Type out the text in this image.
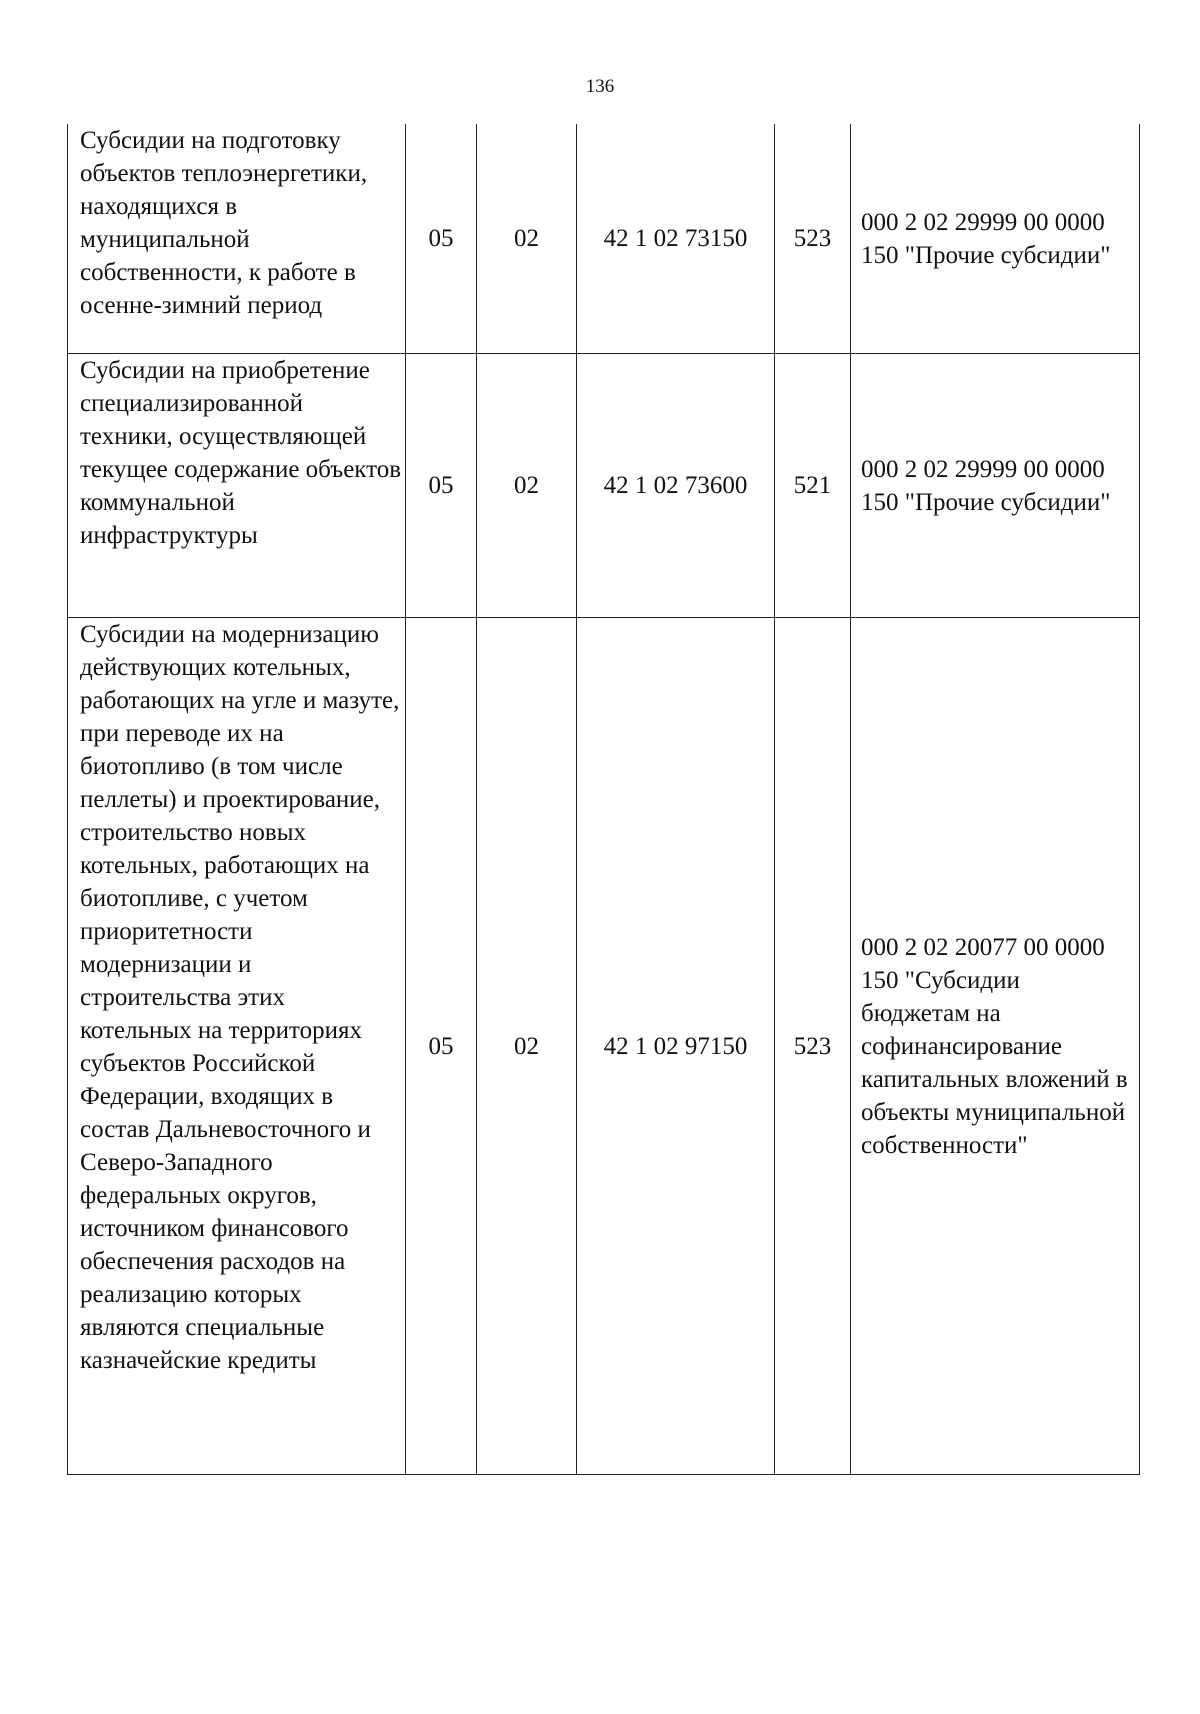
136
Субсидии на подготовку объектов теплоэнергетики, находящихся в муниципальной собственности, к работе в осенне-зимний период	05	02	42 1 02 73150	523	000 2 02 29999 00 0000 150 "Прочие субсидии"
Субсидии на приобретение специализированной техники, осуществляющей текущее содержание объектов коммунальной инфраструктуры	05	02	42 1 02 73600	521	000 2 02 29999 00 0000 150 "Прочие субсидии"
Субсидии на модернизацию действующих котельных, работающих на угле и мазуте, при переводе их на биотопливо (в том числе пеллеты) и проектирование, строительство новых котельных, работающих на биотопливе, с учетом приоритетности модернизации и строительства этих котельных на территориях субъектов Российской Федерации, входящих в состав Дальневосточного и Северо-Западного федеральных округов, источником финансового обеспечения расходов на реализацию которых являются специальные казначейские кредиты	05	02	42 1 02 97150	523	000 2 02 20077 00 0000 150 "Субсидии бюджетам на софинансирование капитальных вложений в объекты муниципальной собственности"
